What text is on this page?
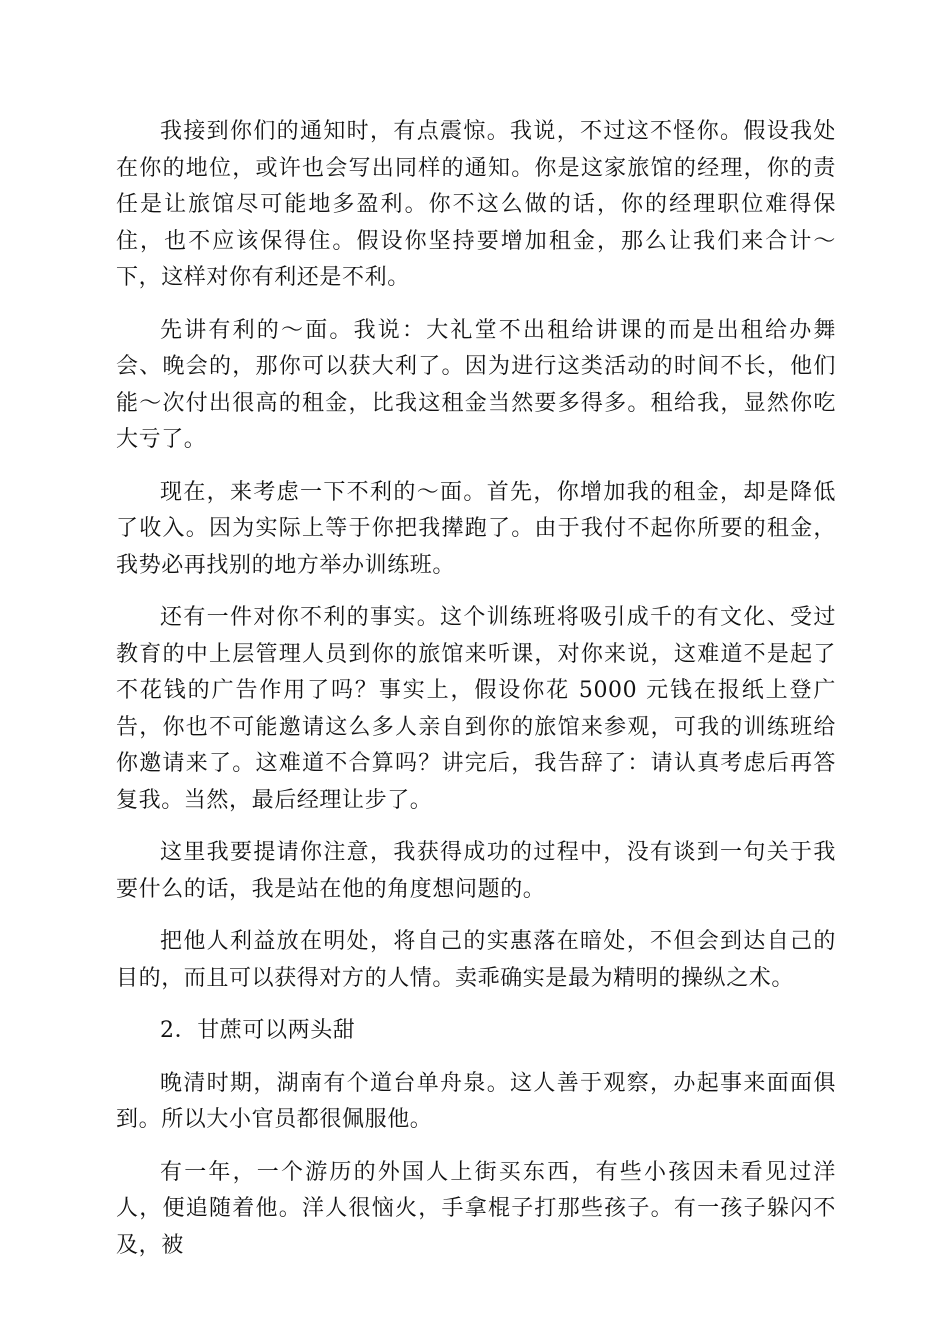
我接到你们的通知时，有点震惊。我说，不过这不怪你。假设我处在你的地位，或许也会写出同样的通知。你是这家旅馆的经理，你的责任是让旅馆尽可能地多盈利。你不这么做的话，你的经理职位难得保住，也不应该保得住。假设你坚持要增加租金，那么让我们来合计～下，这样对你有利还是不利。

先讲有利的～面。我说：大礼堂不出租给讲课的而是出租给办舞会、晚会的，那你可以获大利了。因为进行这类活动的时间不长，他们能～次付出很高的租金，比我这租金当然要多得多。租给我，显然你吃大亏了。

现在，来考虑一下不利的～面。首先，你增加我的租金，却是降低了收入。因为实际上等于你把我撵跑了。由于我付不起你所要的租金，我势必再找别的地方举办训练班。

还有一件对你不利的事实。这个训练班将吸引成千的有文化、受过教育的中上层管理人员到你的旅馆来听课，对你来说，这难道不是起了不花钱的广告作用了吗？事实上，假设你花 5000 元钱在报纸上登广告，你也不可能邀请这么多人亲自到你的旅馆来参观，可我的训练班给你邀请来了。这难道不合算吗？讲完后，我告辞了：请认真考虑后再答复我。当然，最后经理让步了。

这里我要提请你注意，我获得成功的过程中，没有谈到一句关于我要什么的话，我是站在他的角度想问题的。

把他人利益放在明处，将自己的实惠落在暗处，不但会到达自己的目的，而且可以获得对方的人情。卖乖确实是最为精明的操纵之术。

2．甘蔗可以两头甜

晚清时期，湖南有个道台单舟泉。这人善于观察，办起事来面面俱到。所以大小官员都很佩服他。

有一年，一个游历的外国人上街买东西，有些小孩因未看见过洋人，便追随着他。洋人很恼火，手拿棍子打那些孩子。有一孩子躲闪不及，被
